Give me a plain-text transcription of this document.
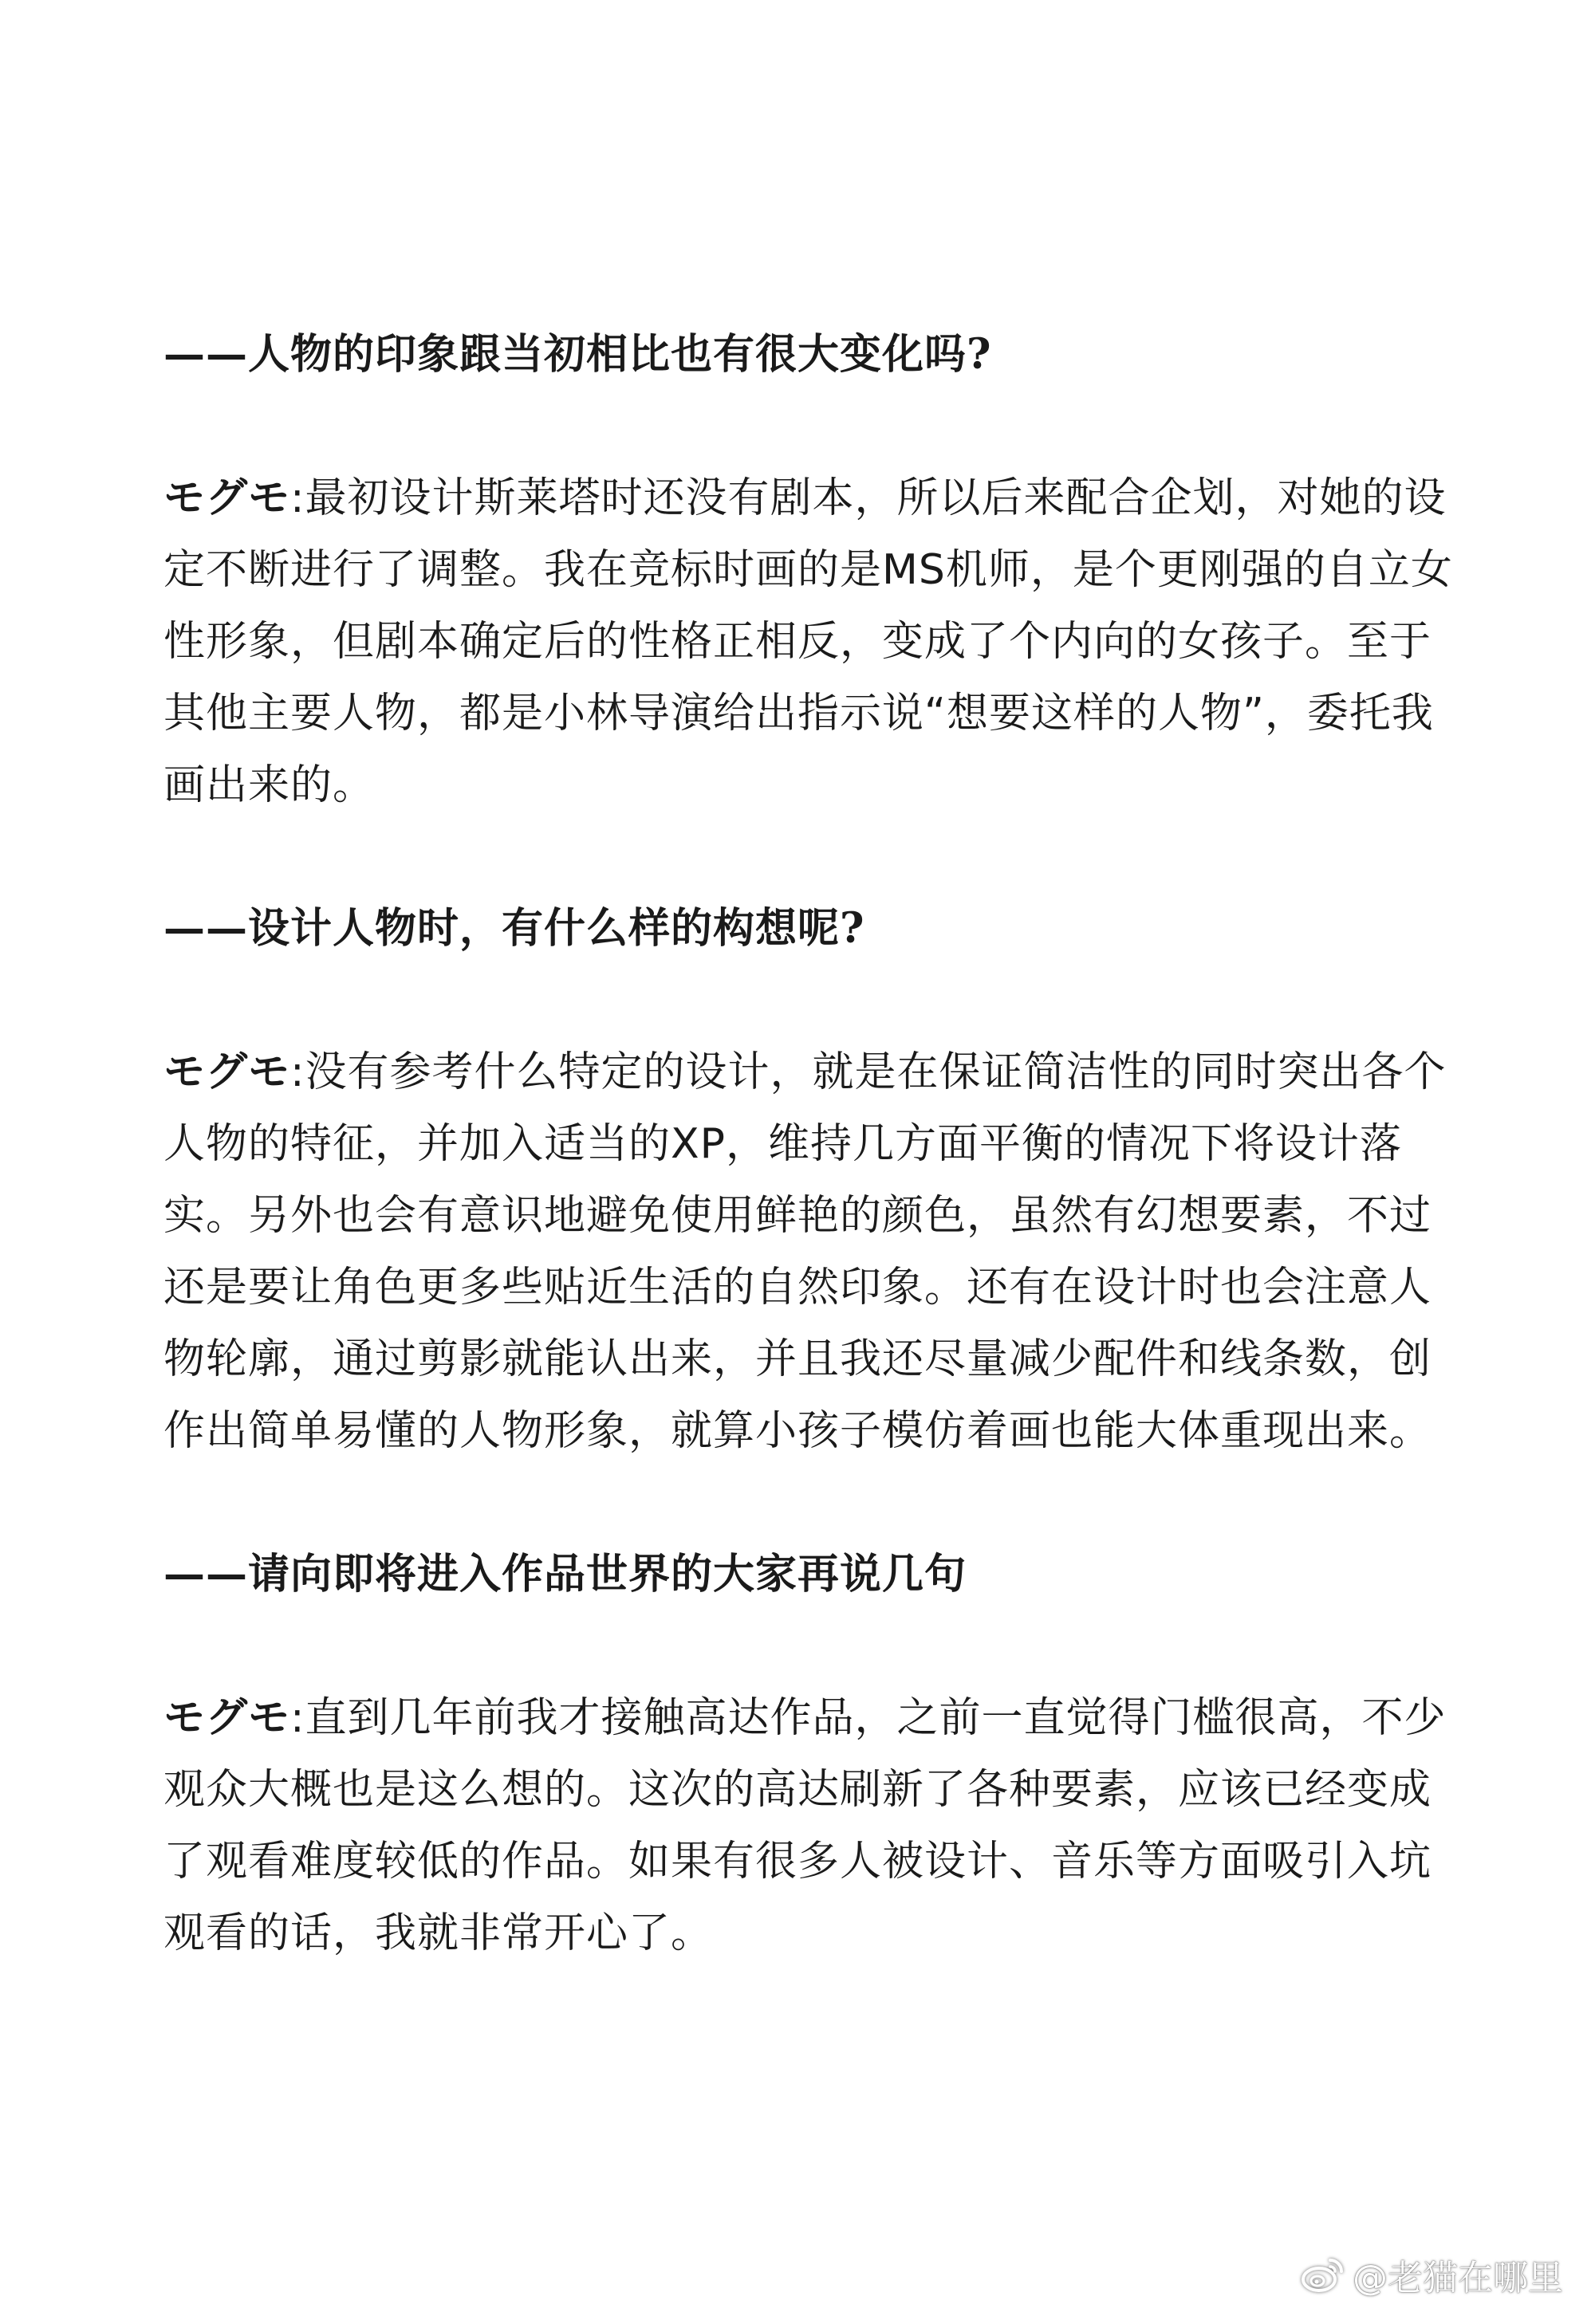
——人物的印象跟当初相比也有很大变化吗?

モグモ:最初设计斯莱塔时还没有剧本，所以后来配合企划，对她的设定不断进行了调整。我在竞标时画的是MS机师，是个更刚强的自立女性形象，但剧本确定后的性格正相反，变成了个内向的女孩子。至于其他主要人物，都是小林导演给出指示说“想要这样的人物”，委托我画出来的。

——设计人物时，有什么样的构想呢?

モグモ:没有参考什么特定的设计，就是在保证简洁性的同时突出各个人物的特征，并加入适当的XP，维持几方面平衡的情况下将设计落实。另外也会有意识地避免使用鲜艳的颜色，虽然有幻想要素，不过还是要让角色更多些贴近生活的自然印象。还有在设计时也会注意人物轮廓，通过剪影就能认出来，并且我还尽量减少配件和线条数，创作出简单易懂的人物形象，就算小孩子模仿着画也能大体重现出来。

——请向即将进入作品世界的大家再说几句

モグモ:直到几年前我才接触高达作品，之前一直觉得门槛很高，不少观众大概也是这么想的。这次的高达刷新了各种要素，应该已经变成了观看难度较低的作品。如果有很多人被设计、音乐等方面吸引入坑观看的话，我就非常开心了。

@老猫在哪里
